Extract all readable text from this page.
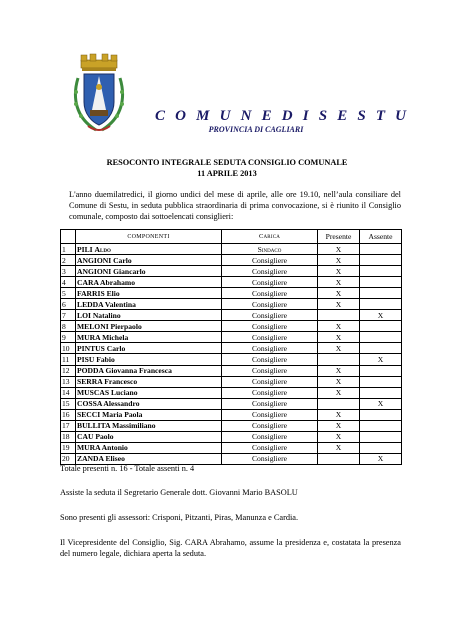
C O M U N E D I S E S T U
PROVINCIA DI CAGLIARI
RESOCONTO INTEGRALE SEDUTA CONSIGLIO COMUNALE
11 APRILE 2013
L'anno duemilatredici, il giorno undici del mese di aprile, alle ore 19.10, nell’aula consiliare del Comune di Sestu, in seduta pubblica straordinaria di prima convocazione, si è riunito il Consiglio comunale, composto dai sottoelencati consiglieri:
	COMPONENTI	Carica	Presente	Assente
1	PILI Aldo	Sindaco	X	
2	ANGIONI Carlo	Consigliere	X	
3	ANGIONI Giancarlo	Consigliere	X	
4	CARA Abrahamo	Consigliere	X	
5	FARRIS Elio	Consigliere	X	
6	LEDDA Valentina	Consigliere	X	
7	LOI Natalino	Consigliere		X
8	MELONI Pierpaolo	Consigliere	X	
9	MURA Michela	Consigliere	X	
10	PINTUS Carlo	Consigliere	X	
11	PISU Fabio	Consigliere		X
12	PODDA Giovanna Francesca	Consigliere	X	
13	SERRA Francesco	Consigliere	X	
14	MUSCAS Luciano	Consigliere	X	
15	COSSA Alessandro	Consigliere		X
16	SECCI Maria Paola	Consigliere	X	
17	BULLITA Massimiliano	Consigliere	X	
18	CAU Paolo	Consigliere	X	
19	MURA Antonio	Consigliere	X	
20	ZANDA Eliseo	Consigliere		X
Totale presenti n. 16 - Totale assenti n. 4
Assiste la seduta il Segretario Generale dott. Giovanni Mario BASOLU
Sono presenti gli assessori: Crisponi, Pitzanti, Piras, Manunza e Cardia.
Il Vicepresidente del Consiglio, Sig. CARA Abrahamo, assume la presidenza e, costatata la presenza del numero legale, dichiara aperta la seduta.
